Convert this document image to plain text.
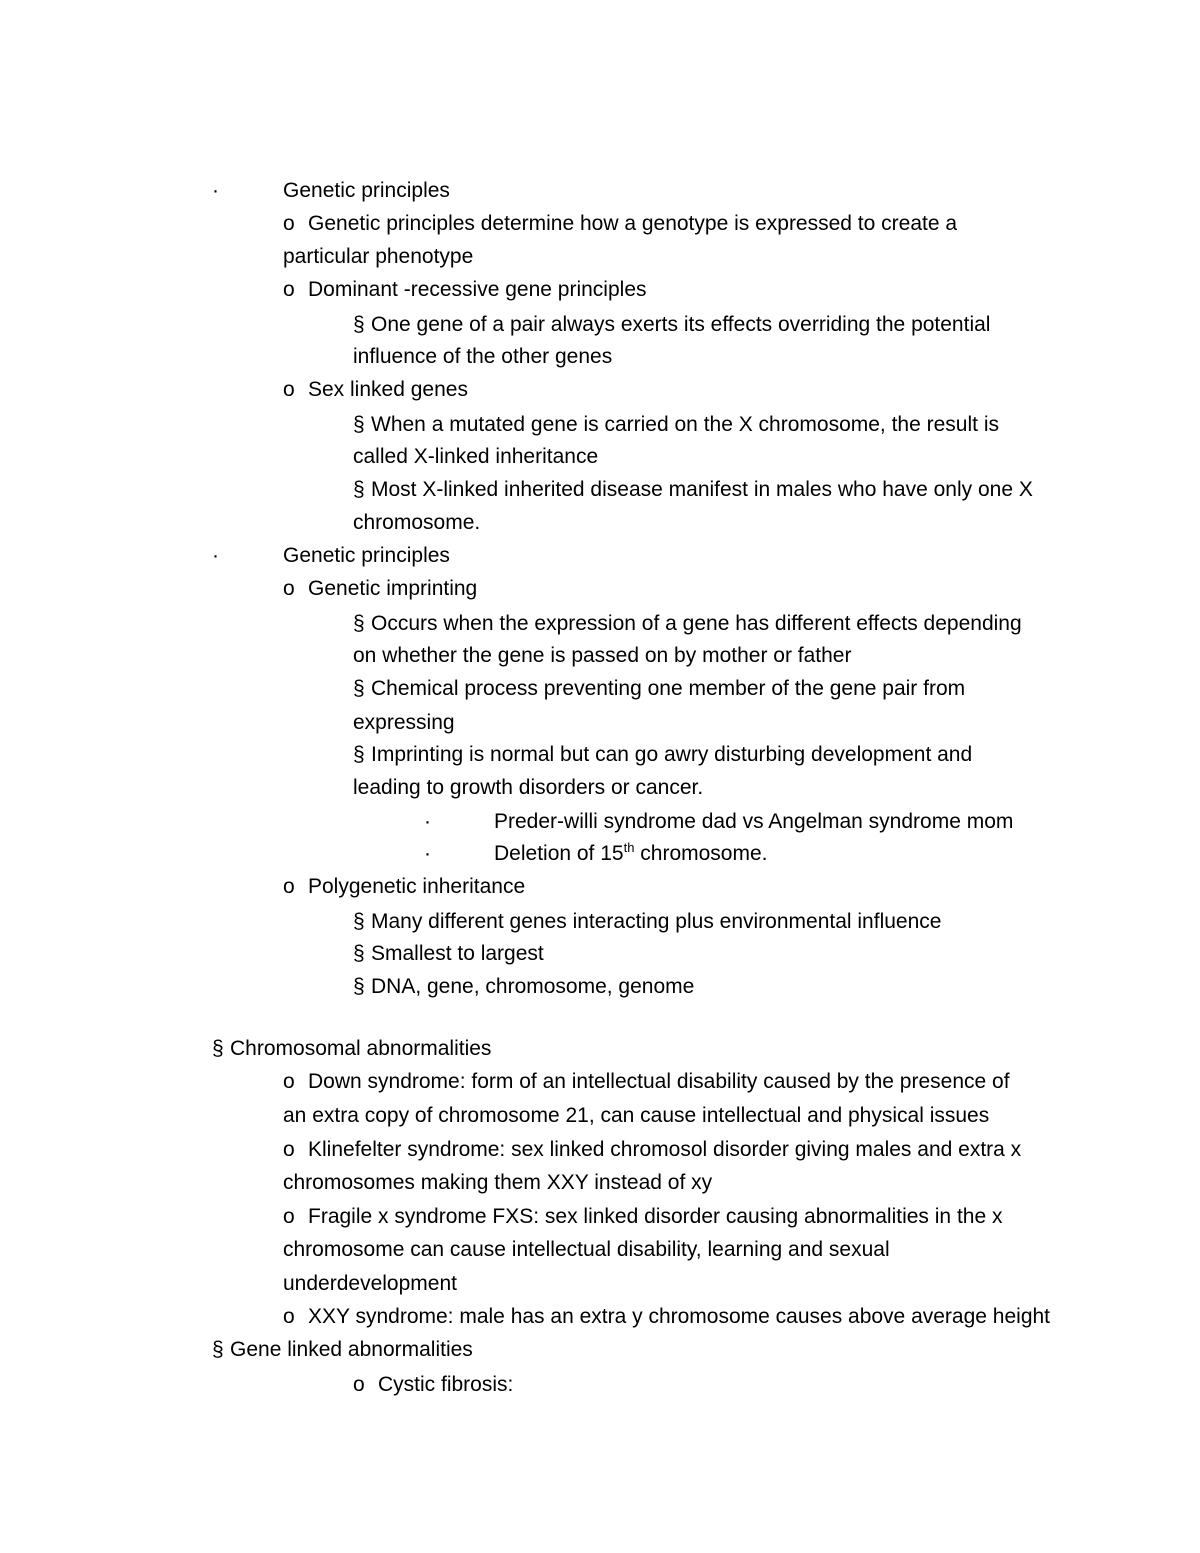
·	Genetic principles
o Genetic principles determine how a genotype is expressed to create a
particular phenotype
o Dominant -recessive gene principles
§ One gene of a pair always exerts its effects overriding the potential
influence of the other genes
o Sex linked genes
§ When a mutated gene is carried on the X chromosome, the result is
called X-linked inheritance
§ Most X-linked inherited disease manifest in males who have only one X
chromosome.
·	Genetic principles
o Genetic imprinting
§ Occurs when the expression of a gene has different effects depending
on whether the gene is passed on by mother or father
§ Chemical process preventing one member of the gene pair from
expressing
§ Imprinting is normal but can go awry disturbing development and
leading to growth disorders or cancer.
·	Preder-willi syndrome dad vs Angelman syndrome mom
·	Deletion of 15th chromosome.
o Polygenetic inheritance
§ Many different genes interacting plus environmental influence
§ Smallest to largest
§ DNA, gene, chromosome, genome
§ Chromosomal abnormalities
o Down syndrome: form of an intellectual disability caused by the presence of
an extra copy of chromosome 21, can cause intellectual and physical issues
o Klinefelter syndrome: sex linked chromosol disorder giving males and extra x
chromosomes making them XXY instead of xy
o Fragile x syndrome FXS: sex linked disorder causing abnormalities in the x
chromosome can cause intellectual disability, learning and sexual
underdevelopment
o XXY syndrome: male has an extra y chromosome causes above average height
§ Gene linked abnormalities
o Cystic fibrosis:
